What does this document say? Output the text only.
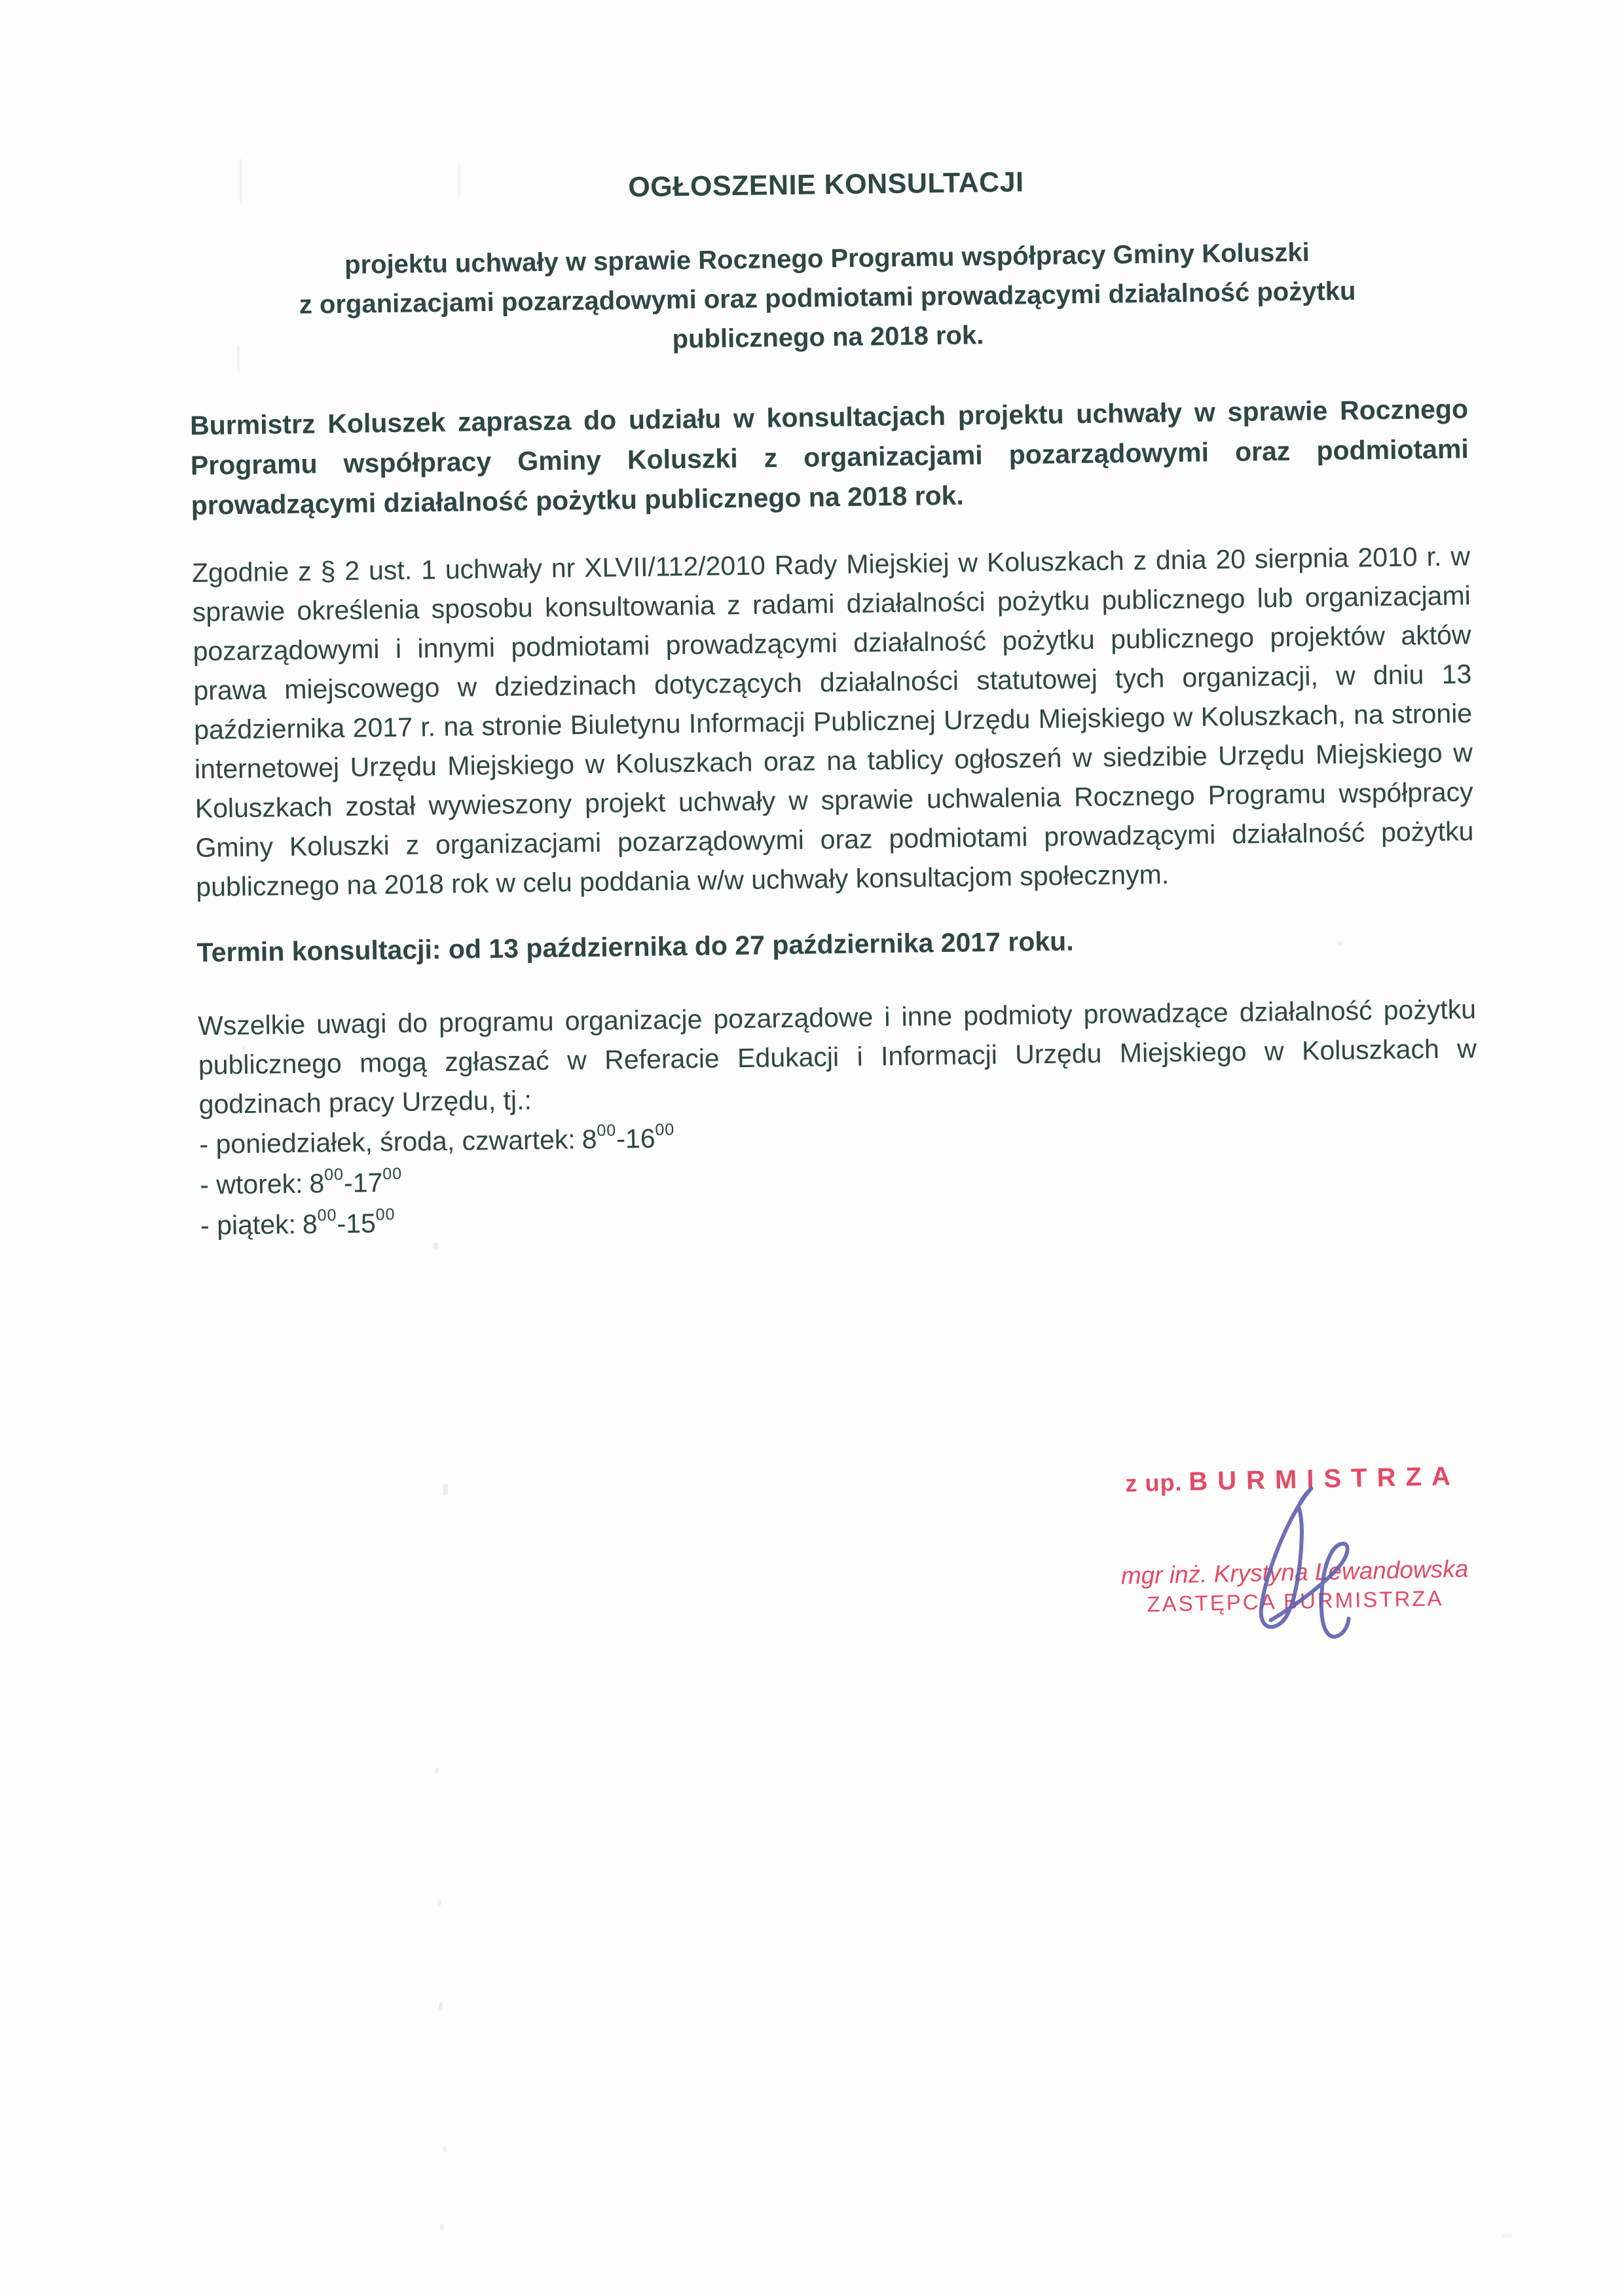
OGŁOSZENIE KONSULTACJI
projektu uchwały w sprawie Rocznego Programu współpracy Gminy Koluszki
z organizacjami pozarządowymi oraz podmiotami prowadzącymi działalność pożytku
publicznego na 2018 rok.
Burmistrz Koluszek zaprasza do udziału w konsultacjach projektu uchwały w sprawie Rocznego Programu współpracy Gminy Koluszki z organizacjami pozarządowymi oraz podmiotami prowadzącymi działalność pożytku publicznego na 2018 rok.
Zgodnie z § 2 ust. 1 uchwały nr XLVII/112/2010 Rady Miejskiej w Koluszkach z dnia 20 sierpnia 2010 r. w sprawie określenia sposobu konsultowania z radami działalności pożytku publicznego lub organizacjami pozarządowymi i innymi podmiotami prowadzącymi działalność pożytku publicznego projektów aktów prawa miejscowego w dziedzinach dotyczących działalności statutowej tych organizacji, w dniu 13 października 2017 r. na stronie Biuletynu Informacji Publicznej Urzędu Miejskiego w Koluszkach, na stronie internetowej Urzędu Miejskiego w Koluszkach oraz na tablicy ogłoszeń w siedzibie Urzędu Miejskiego w Koluszkach został wywieszony projekt uchwały w sprawie uchwalenia Rocznego Programu współpracy Gminy Koluszki z organizacjami pozarządowymi oraz podmiotami prowadzącymi działalność pożytku publicznego na 2018 rok w celu poddania w/w uchwały konsultacjom społecznym.
Termin konsultacji: od 13 października do 27 października 2017 roku.
Wszelkie uwagi do programu organizacje pozarządowe i inne podmioty prowadzące działalność pożytku publicznego mogą zgłaszać w Referacie Edukacji i Informacji Urzędu Miejskiego w Koluszkach w godzinach pracy Urzędu, tj.:
- poniedziałek, środa, czwartek: $8^{00}-16^{00}$
- wtorek: $8^{00}-17^{00}$
- piątek: $8^{00}-15^{00}$
z up. BURMISTRZA
mgr inż. Krystyna Lewandowska
ZASTĘPCA BURMISTRZA
